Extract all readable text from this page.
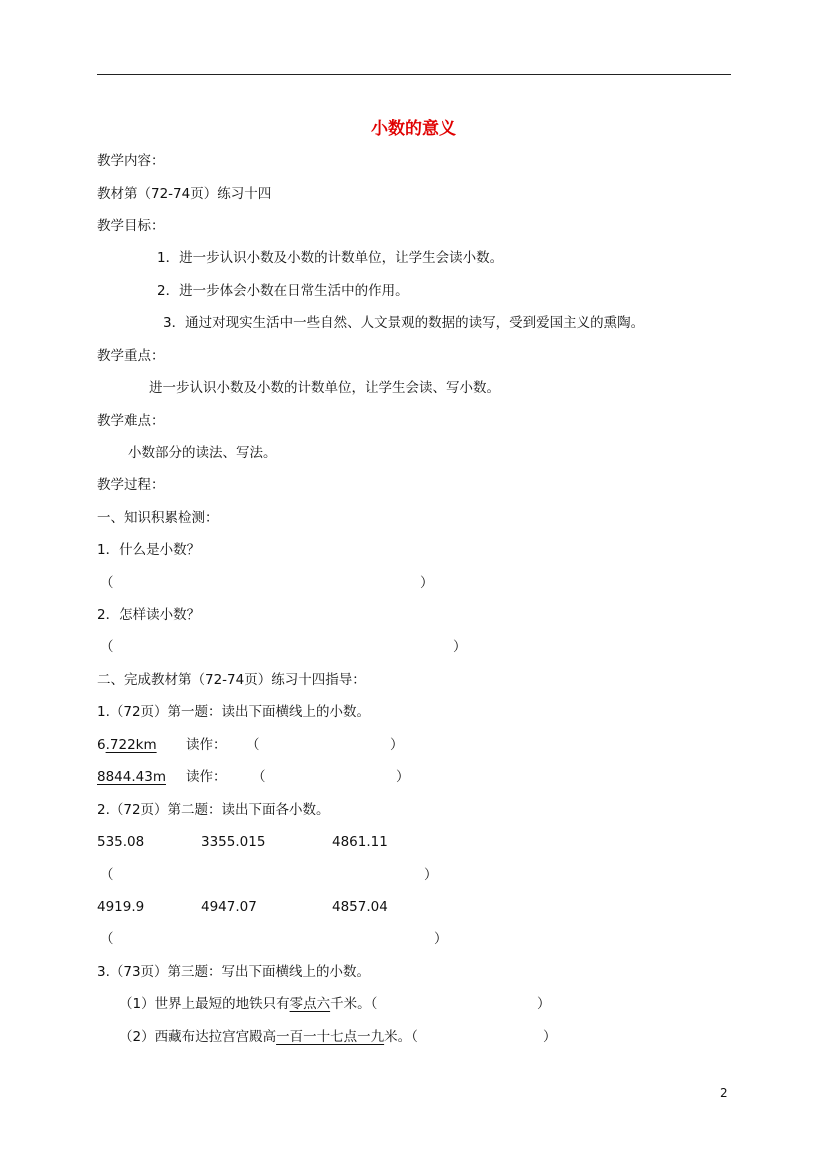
小数的意义
教学内容：
教材第（72-74页）练习十四
教学目标：
1．进一步认识小数及小数的计数单位，让学生会读小数。
2．进一步体会小数在日常生活中的作用。
3．通过对现实生活中一些自然、人文景观的数据的读写，受到爱国主义的熏陶。
教学重点：
进一步认识小数及小数的计数单位，让学生会读、写小数。
教学难点：
小数部分的读法、写法。
教学过程：
一、知识积累检测：
1．什么是小数？
（	）
2．怎样读小数？
（	）
二、完成教材第（72-74页）练习十四指导：
1.（72页）第一题：读出下面横线上的小数。
6.722km 读作： （	）
8844.43m 读作： （	）
2.（72页）第二题：读出下面各小数。
535.08	3355.015	4861.11
（	）
4919.9	4947.07	4857.04
（	）
3.（73页）第三题：写出下面横线上的小数。
（1）世界上最短的地铁只有零点六千米。（	）
（2）西藏布达拉宫宫殿高一百一十七点一九米。（	）
2
